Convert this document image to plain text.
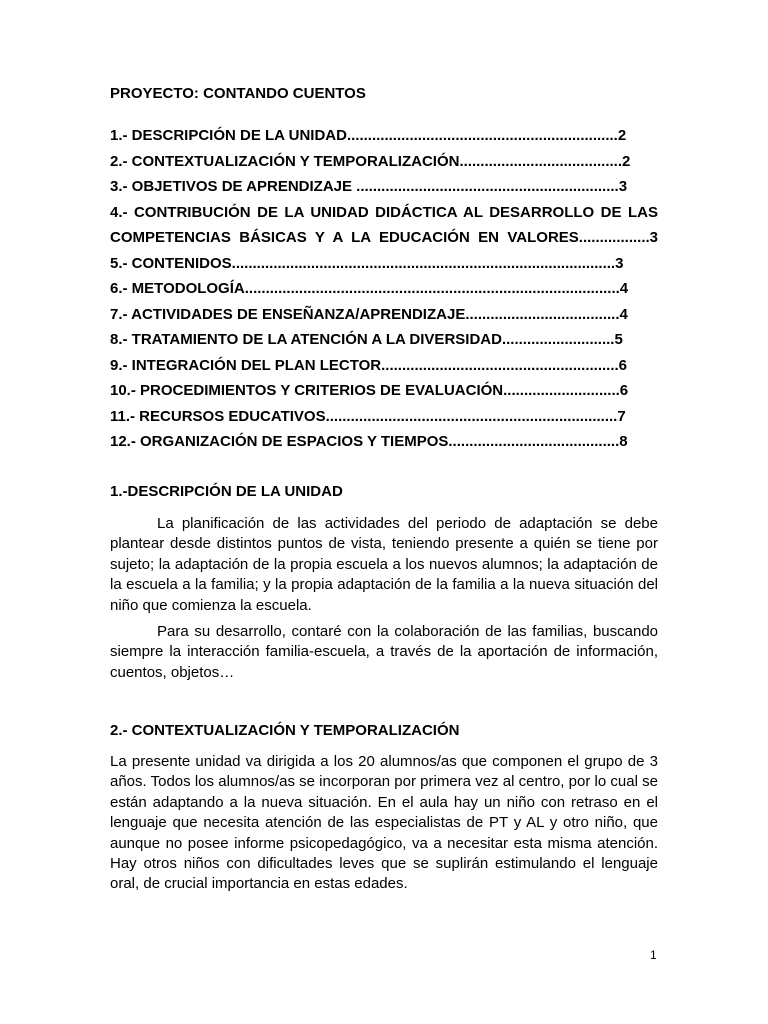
PROYECTO: CONTANDO CUENTOS
1.- DESCRIPCIÓN DE LA UNIDAD.................................................................2
2.- CONTEXTUALIZACIÓN Y TEMPORALIZACIÓN.......................................2
3.- OBJETIVOS DE APRENDIZAJE ...............................................................3
4.- CONTRIBUCIÓN DE LA UNIDAD DIDÁCTICA AL DESARROLLO DE LAS COMPETENCIAS BÁSICAS Y A LA EDUCACIÓN EN VALORES.................3
5.- CONTENIDOS............................................................................................3
6.- METODOLOGÍA..........................................................................................4
7.- ACTIVIDADES DE ENSEÑANZA/APRENDIZAJE.....................................4
8.- TRATAMIENTO DE LA ATENCIÓN A LA DIVERSIDAD...........................5
9.- INTEGRACIÓN DEL PLAN LECTOR.........................................................6
10.- PROCEDIMIENTOS Y CRITERIOS DE EVALUACIÓN............................6
11.- RECURSOS EDUCATIVOS......................................................................7
12.- ORGANIZACIÓN DE ESPACIOS Y TIEMPOS.........................................8
1.-DESCRIPCIÓN DE LA UNIDAD

La planificación de las actividades del periodo de adaptación se debe plantear desde distintos puntos de vista, teniendo presente a quién se tiene por sujeto; la adaptación de la propia escuela a los nuevos alumnos; la adaptación de la escuela a la familia; y la propia adaptación de la familia a la nueva situación del niño que comienza la escuela.

Para su desarrollo, contaré con la colaboración de las familias, buscando siempre la interacción familia-escuela, a través de la aportación de información, cuentos, objetos…

2.- CONTEXTUALIZACIÓN Y TEMPORALIZACIÓN

La presente unidad va dirigida a los 20 alumnos/as que componen el grupo de 3 años. Todos los alumnos/as se incorporan por primera vez al centro, por lo cual se están adaptando a la nueva situación. En el aula hay un niño con retraso en el lenguaje que necesita atención de las especialistas de PT y AL y otro niño, que aunque no posee informe psicopedagógico, va a necesitar esta misma atención. Hay otros niños con dificultades leves que se suplirán estimulando el lenguaje oral, de crucial importancia en estas edades.

1
